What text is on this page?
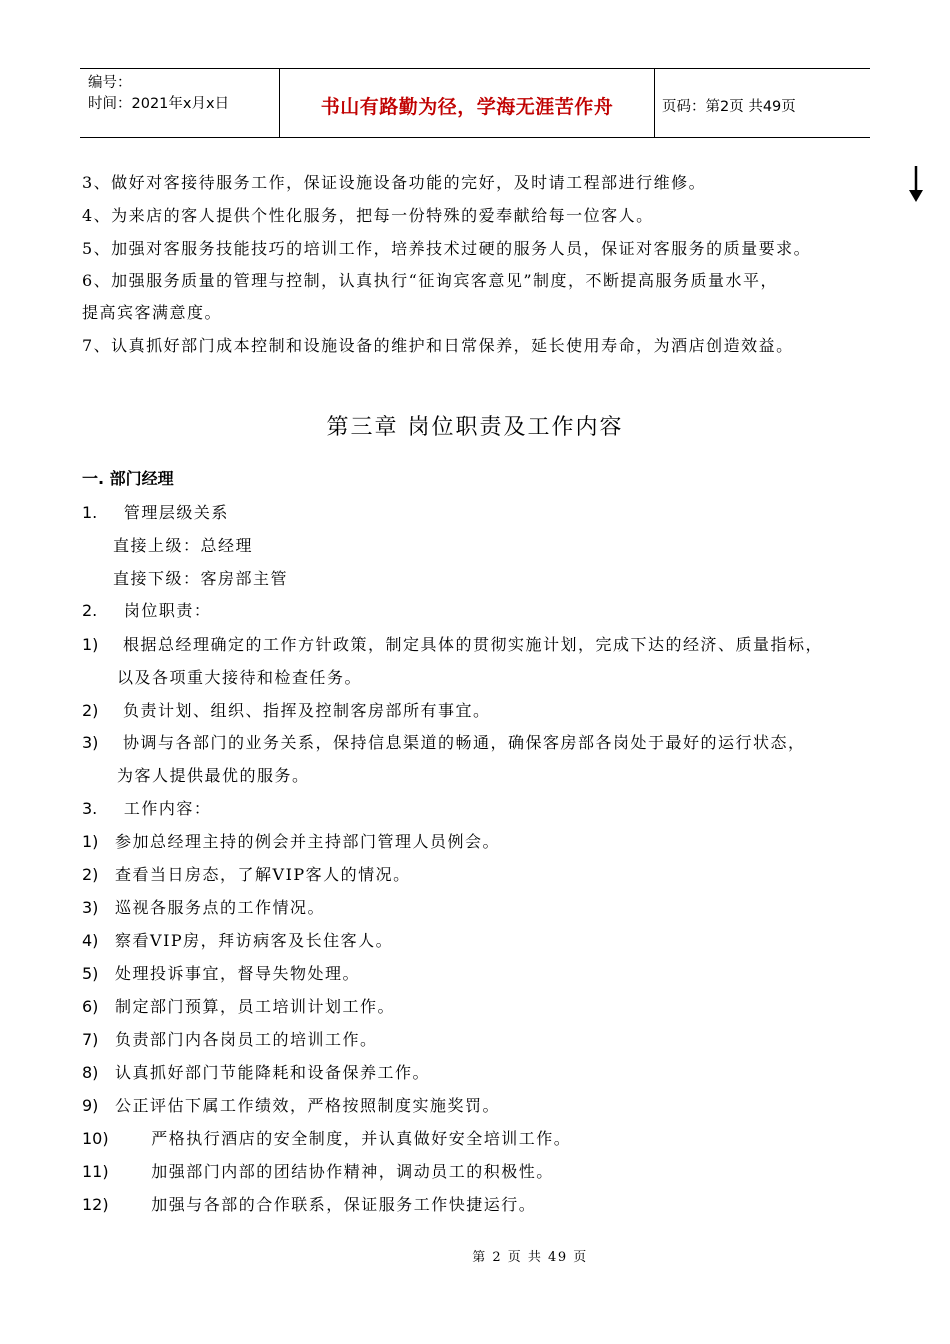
编号：
时间：2021年x月x日	书山有路勤为径，学海无涯苦作舟	页码：第2页 共49页
3、做好对客接待服务工作，保证设施设备功能的完好，及时请工程部进行维修。
4、为来店的客人提供个性化服务，把每一份特殊的爱奉献给每一位客人。
5、加强对客服务技能技巧的培训工作，培养技术过硬的服务人员，保证对客服务的质量要求。
6、加强服务质量的管理与控制，认真执行“征询宾客意见”制度，不断提高服务质量水平，
提高宾客满意度。
7、认真抓好部门成本控制和设施设备的维护和日常保养，延长使用寿命，为酒店创造效益。
第三章 岗位职责及工作内容
一. 部门经理
1. 管理层级关系
直接上级：总经理
直接下级：客房部主管
2. 岗位职责：
1) 根据总经理确定的工作方针政策，制定具体的贯彻实施计划，完成下达的经济、质量指标，
以及各项重大接待和检查任务。
2) 负责计划、组织、指挥及控制客房部所有事宜。
3) 协调与各部门的业务关系，保持信息渠道的畅通，确保客房部各岗处于最好的运行状态，
为客人提供最优的服务。
3. 工作内容：
1) 参加总经理主持的例会并主持部门管理人员例会。
2) 查看当日房态，了解VIP客人的情况。
3) 巡视各服务点的工作情况。
4) 察看VIP房，拜访病客及长住客人。
5) 处理投诉事宜，督导失物处理。
6) 制定部门预算，员工培训计划工作。
7) 负责部门内各岗员工的培训工作。
8) 认真抓好部门节能降耗和设备保养工作。
9) 公正评估下属工作绩效，严格按照制度实施奖罚。
10)	严格执行酒店的安全制度，并认真做好安全培训工作。
11)	加强部门内部的团结协作精神，调动员工的积极性。
12)	加强与各部的合作联系，保证服务工作快捷运行。
第 2 页 共 49 页
